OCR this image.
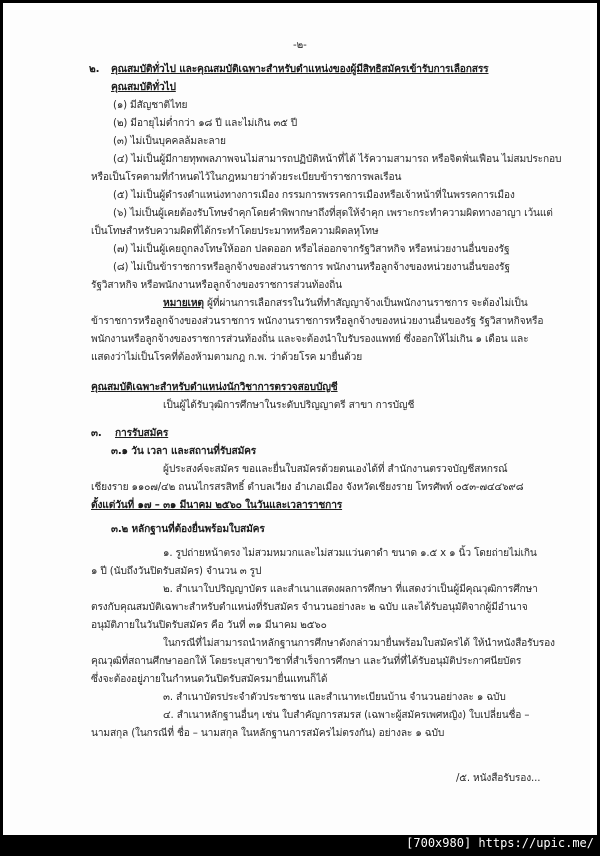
-๒-
๒. คุณสมบัติทั่วไป และคุณสมบัติเฉพาะสำหรับตำแหน่งของผู้มีสิทธิสมัครเข้ารับการเลือกสรร
คุณสมบัติทั่วไป
(๑) มีสัญชาติไทย
(๒) มีอายุไม่ต่ำกว่า ๑๘ ปี และไม่เกิน ๓๕ ปี
(๓) ไม่เป็นบุคคลล้มละลาย
(๔) ไม่เป็นผู้มีกายทุพพลภาพจนไม่สามารถปฏิบัติหน้าที่ได้ ไร้ความสามารถ หรือจิตฟั่นเฟือน ไม่สมประกอบ
หรือเป็นโรคตามที่กำหนดไว้ในกฎหมายว่าด้วยระเบียบข้าราชการพลเรือน
(๕) ไม่เป็นผู้ดำรงตำแหน่งทางการเมือง กรรมการพรรคการเมืองหรือเจ้าหน้าที่ในพรรคการเมือง
(๖) ไม่เป็นผู้เคยต้องรับโทษจำคุกโดยคำพิพากษาถึงที่สุดให้จำคุก เพราะกระทำความผิดทางอาญา เว้นแต่
เป็นโทษสำหรับความผิดที่ได้กระทำโดยประมาทหรือความผิดลหุโทษ
(๗) ไม่เป็นผู้เคยถูกลงโทษให้ออก ปลดออก หรือไล่ออกจากรัฐวิสาหกิจ หรือหน่วยงานอื่นของรัฐ
(๘) ไม่เป็นข้าราชการหรือลูกจ้างของส่วนราชการ พนักงานหรือลูกจ้างของหน่วยงานอื่นของรัฐ
รัฐวิสาหกิจ หรือพนักงานหรือลูกจ้างของราชการส่วนท้องถิ่น
หมายเหตุ ผู้ที่ผ่านการเลือกสรรในวันที่ทำสัญญาจ้างเป็นพนักงานราชการ จะต้องไม่เป็น
ข้าราชการหรือลูกจ้างของส่วนราชการ พนักงานราชการหรือลูกจ้างของหน่วยงานอื่นของรัฐ รัฐวิสาหกิจหรือ
พนักงานหรือลูกจ้างของราชการส่วนท้องถิ่น และจะต้องนำใบรับรองแพทย์ ซึ่งออกให้ไม่เกิน ๑ เดือน และ
แสดงว่าไม่เป็นโรคที่ต้องห้ามตามกฎ ก.พ. ว่าด้วยโรค มายื่นด้วย
คุณสมบัติเฉพาะสำหรับตำแหน่งนักวิชาการตรวจสอบบัญชี
เป็นผู้ได้รับวุฒิการศึกษาในระดับปริญญาตรี สาขา การบัญชี
๓. การรับสมัคร
๓.๑ วัน เวลา และสถานที่รับสมัคร
ผู้ประสงค์จะสมัคร ขอและยื่นใบสมัครด้วยตนเองได้ที่ สำนักงานตรวจบัญชีสหกรณ์
เชียงราย ๑๑๐๗/๔๒ ถนนไกรสรสิทธิ์ ตำบลเวียง อำเภอเมือง จังหวัดเชียงราย โทรศัพท์ ๐๕๓-๗๔๔๖๙๘
ตั้งแต่วันที่ ๑๗ – ๓๑ มีนาคม ๒๕๖๐ ในวันและเวลาราชการ
๓.๒ หลักฐานที่ต้องยื่นพร้อมใบสมัคร
๑. รูปถ่ายหน้าตรง ไม่สวมหมวกและไม่สวมแว่นตาดำ ขนาด ๑.๕ x ๑ นิ้ว โดยถ่ายไม่เกิน
๑ ปี (นับถึงวันปิดรับสมัคร) จำนวน ๓ รูป
๒. สำเนาใบปริญญาบัตร และสำเนาแสดงผลการศึกษา ที่แสดงว่าเป็นผู้มีคุณวุฒิการศึกษา
ตรงกับคุณสมบัติเฉพาะสำหรับตำแหน่งที่รับสมัคร จำนวนอย่างละ ๒ ฉบับ และได้รับอนุมัติจากผู้มีอำนาจ
อนุมัติภายในวันปิดรับสมัคร คือ วันที่ ๓๑ มีนาคม ๒๕๖๐
ในกรณีที่ไม่สามารถนำหลักฐานการศึกษาดังกล่าวมายื่นพร้อมใบสมัครได้ ให้นำหนังสือรับรอง
คุณวุฒิที่สถานศึกษาออกให้ โดยระบุสาขาวิชาที่สำเร็จการศึกษา และวันที่ที่ได้รับอนุมัติประกาศนียบัตร
ซึ่งจะต้องอยู่ภายในกำหนดวันปิดรับสมัครมายื่นแทนก็ได้
๓. สำเนาบัตรประจำตัวประชาชน และสำเนาทะเบียนบ้าน จำนวนอย่างละ ๑ ฉบับ
๔. สำเนาหลักฐานอื่นๆ เช่น ใบสำคัญการสมรส (เฉพาะผู้สมัครเพศหญิง) ใบเปลี่ยนชื่อ –
นามสกุล (ในกรณีที่ ชื่อ – นามสกุล ในหลักฐานการสมัครไม่ตรงกัน) อย่างละ ๑ ฉบับ
/๕. หนังสือรับรอง...
[700x980] https://upic.me/
